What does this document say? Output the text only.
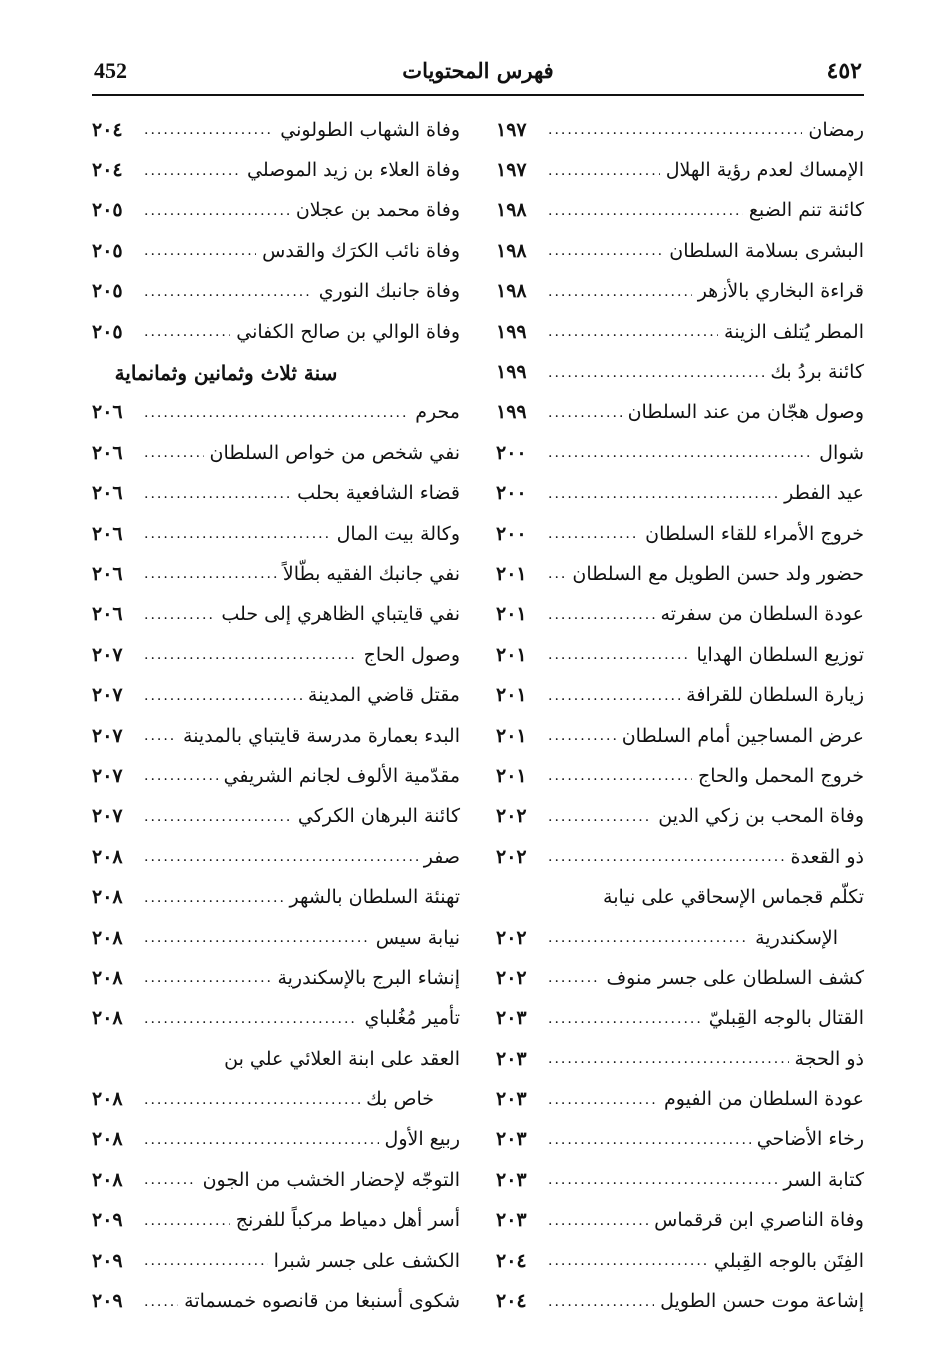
452	فهرس المحتويات	٤٥٢
رمضان
.....
١٩٧
الإمساك لعدم رؤية الهلال
.....
١٩٧
كائنة تنم الضبع
.....
١٩٨
البشرى بسلامة السلطان
.....
١٩٨
قراءة البخاري بالأزهر
.....
١٩٨
المطر يُتلف الزينة
.....
١٩٩
كائنة بردُ بك
.....
١٩٩
وصول هجّان من عند السلطان
.....
١٩٩
شوال
.....
٢٠٠
عيد الفطر
.....
٢٠٠
خروج الأمراء للقاء السلطان
.....
٢٠٠
حضور ولد حسن الطويل مع السلطان
.....
٢٠١
عودة السلطان من سفرته
.....
٢٠١
توزيع السلطان الهدايا
.....
٢٠١
زيارة السلطان للقرافة
.....
٢٠١
عرض المساجين أمام السلطان
.....
٢٠١
خروج المحمل والحاج
.....
٢٠١
وفاة المحب بن زكي الدين
.....
٢٠٢
ذو القعدة
.....
٢٠٢
تكلّم قجماس الإسحاقي على نيابة
الإسكندرية
.....
٢٠٢
كشف السلطان على جسر منوف
.....
٢٠٢
القتال بالوجه القِبليّ
.....
٢٠٣
ذو الحجة
.....
٢٠٣
عودة السلطان من الفيوم
.....
٢٠٣
رخاء الأضاحي
.....
٢٠٣
كتابة السر
.....
٢٠٣
وفاة الناصري ابن قرقماس
.....
٢٠٣
الفِتَن بالوجه القِبلي
.....
٢٠٤
إشاعة موت حسن الطويل
.....
٢٠٤
وفاة الشهاب الطولوني
.....
٢٠٤
وفاة العلاء بن زيد الموصلي
.....
٢٠٤
وفاة محمد بن عجلان
.....
٢٠٥
وفاة نائب الكرَك والقدس
.....
٢٠٥
وفاة جانبك النوري
.....
٢٠٥
وفاة الوالي بن صالح الكفاني
.....
٢٠٥
سنة ثلاث وثمانين وثمانماية
محرم
.....
٢٠٦
نفي شخص من خواص السلطان
.....
٢٠٦
قضاء الشافعية بحلب
.....
٢٠٦
وكالة بيت المال
.....
٢٠٦
نفي جانبك الفقيه بطّالاً
.....
٢٠٦
نفي قايتباي الظاهري إلى حلب
.....
٢٠٦
وصول الحاج
.....
٢٠٧
مقتل قاضي المدينة
.....
٢٠٧
البدء بعمارة مدرسة قايتباي بالمدينة
.....
٢٠٧
مقدّمية الألوف لجانم الشريفي
.....
٢٠٧
كائنة البرهان الكركي
.....
٢٠٧
صفر
.....
٢٠٨
تهنئة السلطان بالشهر
.....
٢٠٨
نيابة سيس
.....
٢٠٨
إنشاء البرج بالإسكندرية
.....
٢٠٨
تأمير مُغُلباي
.....
٢٠٨
العقد على ابنة العلائي علي بن
خاص بك
.....
٢٠٨
ربيع الأول
.....
٢٠٨
التوجّه لإحضار الخشب من الجون
.....
٢٠٨
أسر أهل دمياط مركباً للفرنج
.....
٢٠٩
الكشف على جسر شبرا
.....
٢٠٩
شكوى أسنبغا من قانصوه خمسماتة
.....
٢٠٩
